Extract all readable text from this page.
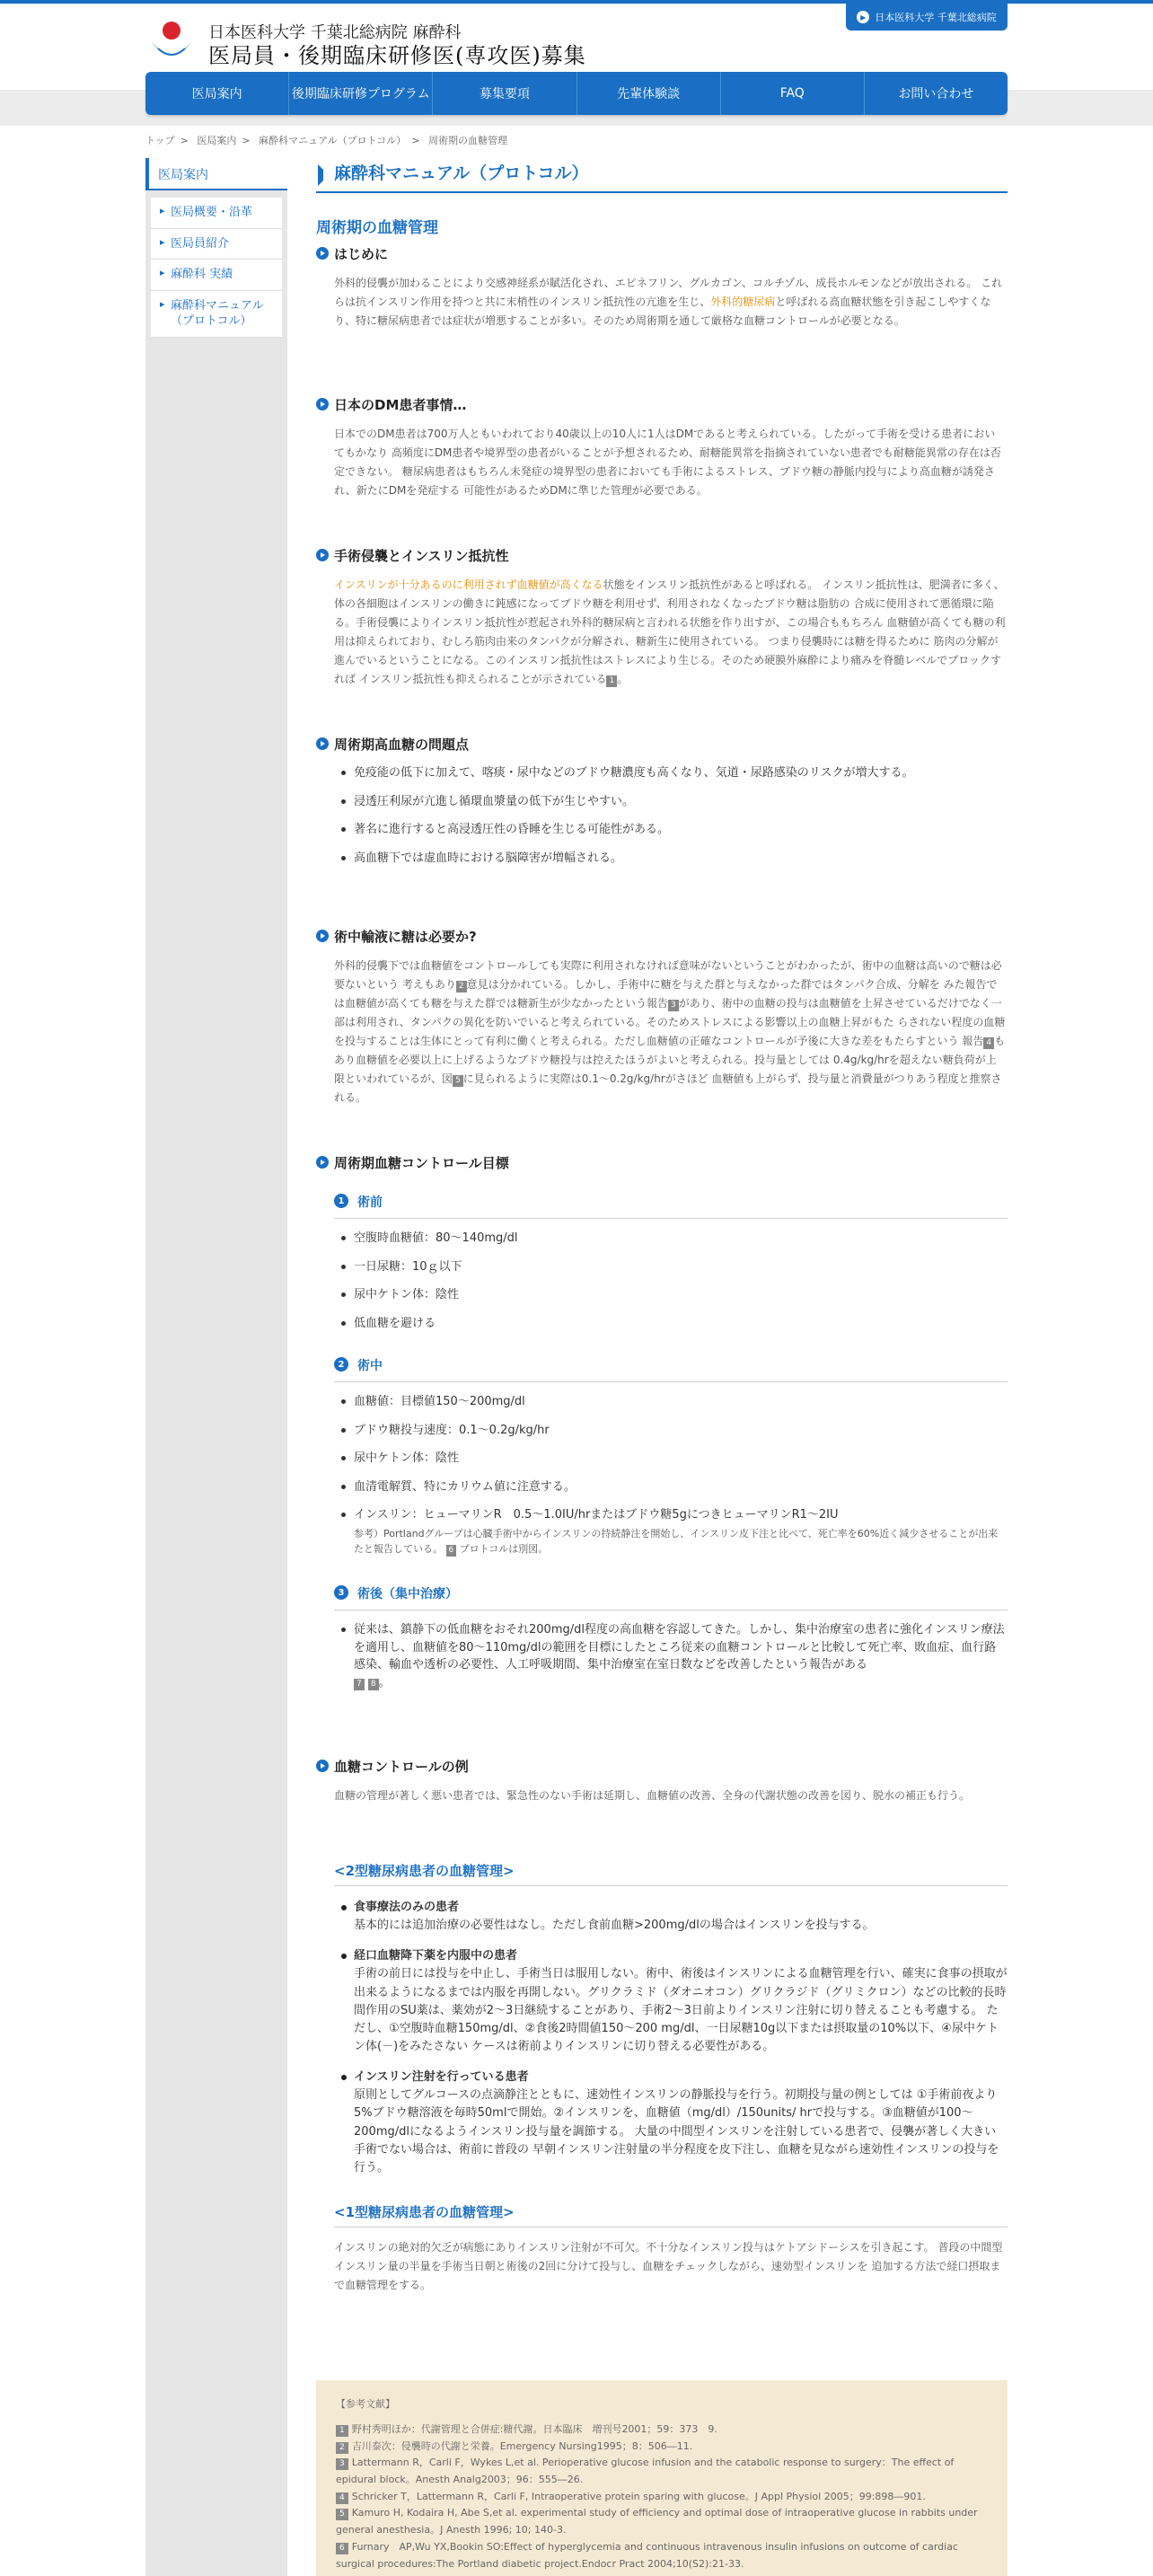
日本医科大学 千葉北総病院 麻酔科
医局員・後期臨床研修医(専攻医)募集
▶ 日本医科大学 千葉北総病院
医局案内	後期臨床研修プログラム	募集要項	先輩体験談	FAQ	お問い合わせ
トップ > 医局案内 > 麻酔科マニュアル（プロトコル） > 周術期の血糖管理
医局案内
▸ 医局概要・沿革
▸ 医局員紹介
▸ 麻酔科 実績
▸ 麻酔科マニュアル（プロトコル）
麻酔科マニュアル（プロトコル）
周術期の血糖管理
はじめに

外科的侵襲が加わることにより交感神経系が賦活化され、エピネフリン、グルカゴン、コルチゾル、成長ホルモンなどが放出される。 これらは抗インスリン作用を持つと共に末梢性のインスリン抵抗性の亢進を生じ、外科的糖尿病と呼ばれる高血糖状態を引き起こしやすくなり、特に糖尿病患者では症状が増悪することが多い。そのため周術期を通して厳格な血糖コントロールが必要となる。

日本のDM患者事情…

日本でのDM患者は700万人ともいわれており40歳以上の10人に1人はDMであると考えられている。したがって手術を受ける患者においてもかなり 高頻度にDM患者や境界型の患者がいることが予想されるため、耐糖能異常を指摘されていない患者でも耐糖能異常の存在は否定できない。 糖尿病患者はもちろん未発症の境界型の患者においても手術によるストレス、ブドウ糖の静脈内投与により高血糖が誘発され、新たにDMを発症する 可能性があるためDMに準じた管理が必要である。

手術侵襲とインスリン抵抗性

インスリンが十分あるのに利用されず血糖値が高くなる状態をインスリン抵抗性があると呼ばれる。 インスリン抵抗性は、肥満者に多く、体の各細胞はインスリンの働きに鈍感になってブドウ糖を利用せず、利用されなくなったブドウ糖は脂肪の 合成に使用されて悪循環に陥る。手術侵襲によりインスリン抵抗性が惹起され外科的糖尿病と言われる状態を作り出すが、この場合ももちろん 血糖値が高くても糖の利用は抑えられており、むしろ筋肉由来のタンパクが分解され、糖新生に使用されている。 つまり侵襲時には糖を得るために 筋肉の分解が進んでいるということになる。このインスリン抵抗性はストレスにより生じる。そのため硬膜外麻酔により痛みを脊髄レベルでブロックすれば インスリン抵抗性も抑えられることが示されている 1 。

周術期高血糖の問題点
免疫能の低下に加えて、喀痰・尿中などのブドウ糖濃度も高くなり、気道・尿路感染のリスクが増大する。
浸透圧利尿が亢進し循環血漿量の低下が生じやすい。
著名に進行すると高浸透圧性の昏睡を生じる可能性がある。
高血糖下では虚血時における脳障害が増幅される。
術中輸液に糖は必要か?

外科的侵襲下では血糖値をコントロールしても実際に利用されなければ意味がないということがわかったが、術中の血糖は高いので糖は必要ないという 考えもあり 2 意見は分かれている。しかし、手術中に糖を与えた群と与えなかった群ではタンパク合成、分解を みた報告では血糖値が高くても糖を与えた群では糖新生が少なかったという報告 3 があり、術中の血糖の投与は血糖値を上昇させているだけでなく一部は利用され、タンパクの異化を防いでいると考えられている。そのためストレスによる影響以上の血糖上昇がもた らされない程度の血糖を投与することは生体にとって有利に働くと考えられる。ただし血糖値の正確なコントロールが予後に大きな差をもたらすという 報告 4 もあり血糖値を必要以上に上げるようなブドウ糖投与は控えたほうがよいと考えられる。投与量としては 0.4g/kg/hrを超えない糖負荷が上限といわれているが、図 5 に見られるように実際は0.1〜0.2g/kg/hrがさほど 血糖値も上がらず、投与量と消費量がつりあう程度と推察される。

周術期血糖コントロール目標
1	術前
空腹時血糖値：80〜140mg/dl
一日尿糖：10ｇ以下
尿中ケトン体：陰性
低血糖を避ける
2	術中
血糖値：目標値150〜200mg/dl
ブドウ糖投与速度：0.1〜0.2g/kg/hr
尿中ケトン体：陰性
血清電解質、特にカリウム値に注意する。
インスリン：ヒューマリンR　0.5〜1.0IU/hrまたはブドウ糖5gにつきヒューマリンR1〜2IU

参考）Portlandグループは心臓手術中からインスリンの持続静注を開始し、インスリン皮下注と比べて、死亡率を60%近く減少させることが出来たと報告している。 6 プロトコルは別図。

3	術後（集中治療）
従来は、鎮静下の低血糖をおそれ200mg/dl程度の高血糖を容認してきた。しかし、集中治療室の患者に強化インスリン療法を適用し、血糖値を80〜110mg/dlの範囲を目標にしたところ従来の血糖コントロールと比較して死亡率、敗血症、血行路感染、輸血や透析の必要性、人工呼吸期間、集中治療室在室日数などを改善したという報告がある
7 8 。
血糖コントロールの例

血糖の管理が著しく悪い患者では、緊急性のない手術は延期し、血糖値の改善、全身の代謝状態の改善を図り、脱水の補正も行う。

<2型糖尿病患者の血糖管理>
食事療法のみの患者
基本的には追加治療の必要性はなし。ただし食前血糖>200mg/dlの場合はインスリンを投与する。
経口血糖降下薬を内服中の患者
手術の前日には投与を中止し、手術当日は服用しない。術中、術後はインスリンによる血糖管理を行い、確実に食事の摂取が出来るようになるまでは内服を再開しない。グリクラミド（ダオニオコン）グリクラジド（グリミクロン）などの比較的長時間作用のSU薬は、薬効が2〜3日継続することがあり、手術2〜3日前よりインスリン注射に切り替えることも考慮する。 ただし、①空腹時血糖150mg/dl、②食後2時間値150〜200 mg/dl、一日尿糖10g以下または摂取量の10%以下、④尿中ケトン体(－)をみたさない ケースは術前よりインスリンに切り替える必要性がある。
インスリン注射を行っている患者
原則としてグルコースの点滴静注とともに、速効性インスリンの静脈投与を行う。初期投与量の例としては ①手術前夜より5%ブドウ糖溶液を毎時50mlで開始。②インスリンを、血糖値（mg/dl）/150units/ hrで投与する。③血糖値が100〜200mg/dlになるようインスリン投与量を調節する。 大量の中間型インスリンを注射している患者で、侵襲が著しく大きい手術でない場合は、術前に普段の 早朝インスリン注射量の半分程度を皮下注し、血糖を見ながら速効性インスリンの投与を行う。
<1型糖尿病患者の血糖管理>

インスリンの絶対的欠乏が病態にありインスリン注射が不可欠。不十分なインスリン投与はケトアシドーシスを引き起こす。 普段の中間型インスリン量の半量を手術当日朝と術後の2回に分けて投与し、血糖をチェックしながら、速効型インスリンを 追加する方法で経口摂取まで血糖管理をする。

【参考文献】
1 野村秀明ほか：代謝管理と合併症:糖代謝。日本臨床　増刊号2001；59：373　9.
2 吉川泰次：侵襲時の代謝と栄養。Emergency Nursing1995；8：506―11.
3 Lattermann R，Carli F，Wykes L,et al. Perioperative glucose infusion and the catabolic response to surgery：The effect of epidural block。Anesth Analg2003；96：555―26.
4 Schricker T，Lattermann R，Carli F, Intraoperative protein sparing with glucose。J Appl Physiol 2005；99:898―901.
5 Kamuro H, Kodaira H, Abe S,et al. experimental study of efficiency and optimal dose of intraoperative glucose in rabbits under general anesthesia。J Anesth 1996; 10; 140-3.
6 Furnary　AP,Wu YX,Bookin SO:Effect of hyperglycemia and continuous intravenous insulin infusions on outcome of cardiac surgical procedures:The Portland diabetic project.Endocr Pract 2004;10(S2):21-33.
